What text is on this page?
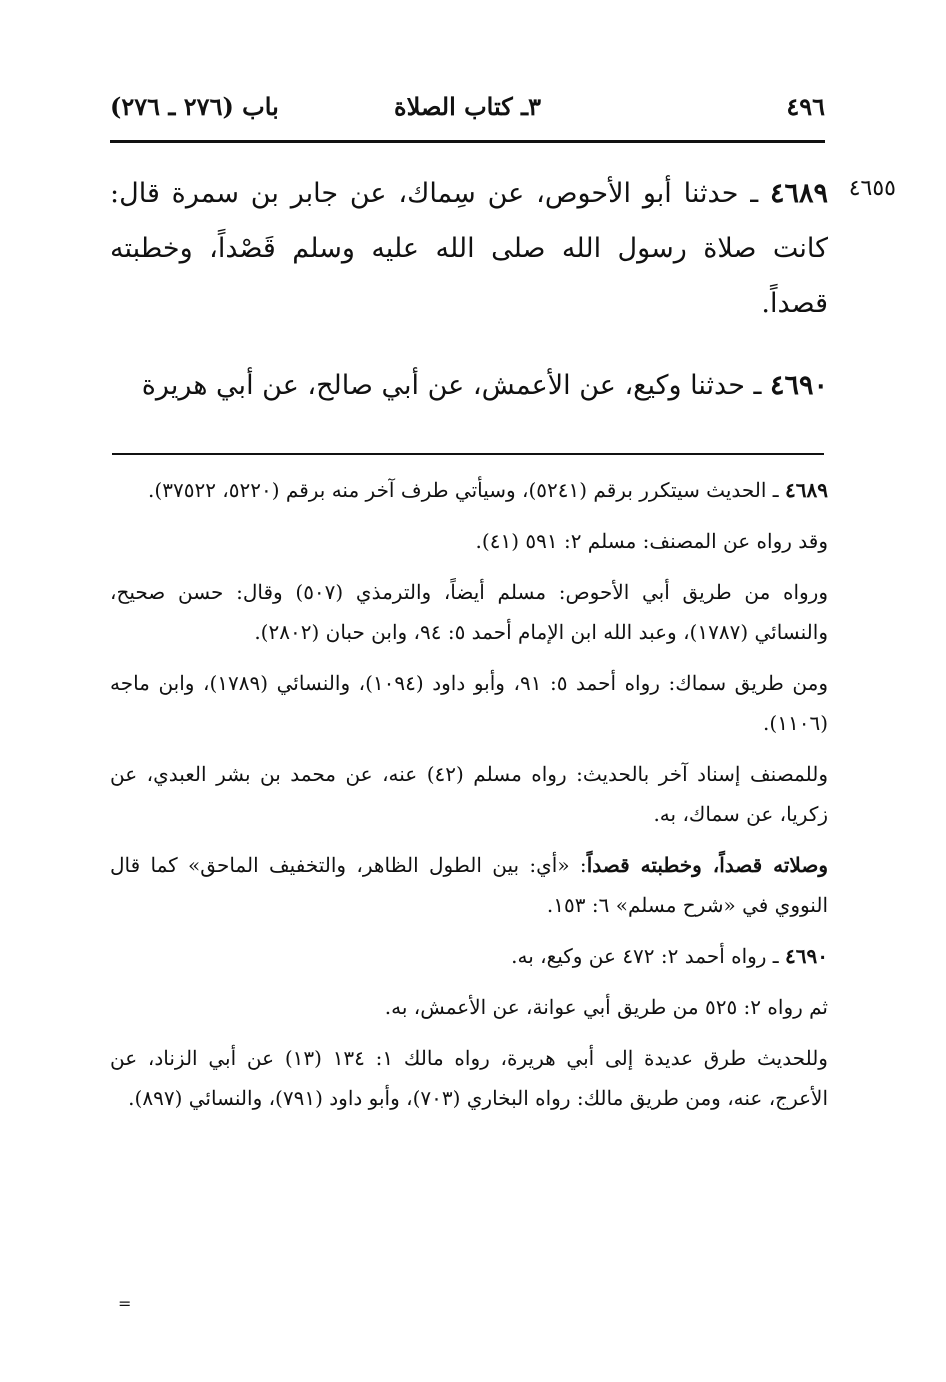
٤٩٦
٣ـ كتاب الصلاة
باب (٢٧٦ ـ ٢٧٦)
٤٦٥٥

٤٦٨٩ ـ حدثنا أبو الأحوص، عن سِماك، عن جابر بن سمرة قال: كانت صلاة رسول الله صلى الله عليه وسلم قَصْداً، وخطبته قصداً.

٤٦٩٠ ـ حدثنا وكيع، عن الأعمش، عن أبي صالح، عن أبي هريرة

٤٦٨٩ ـ الحديث سيتكرر برقم (٥٢٤١)، وسيأتي طرف آخر منه برقم (٥٢٢٠، ٣٧٥٢٢).

وقد رواه عن المصنف: مسلم ٢: ٥٩١ (٤١).

ورواه من طريق أبي الأحوص: مسلم أيضاً، والترمذي (٥٠٧) وقال: حسن صحيح، والنسائي (١٧٨٧)، وعبد الله ابن الإمام أحمد ٥: ٩٤، وابن حبان (٢٨٠٢).

ومن طريق سماك: رواه أحمد ٥: ٩١، وأبو داود (١٠٩٤)، والنسائي (١٧٨٩)، وابن ماجه (١١٠٦).

وللمصنف إسناد آخر بالحديث: رواه مسلم (٤٢) عنه، عن محمد بن بشر العبدي، عن زكريا، عن سماك، به.

وصلاته قصداً، وخطبته قصداً: «أي: بين الطول الظاهر، والتخفيف الماحق» كما قال النووي في «شرح مسلم» ٦: ١٥٣.

٤٦٩٠ ـ رواه أحمد ٢: ٤٧٢ عن وكيع، به.

ثم رواه ٢: ٥٢٥ من طريق أبي عوانة، عن الأعمش، به.

وللحديث طرق عديدة إلى أبي هريرة، رواه مالك ١: ١٣٤ (١٣) عن أبي الزناد، عن الأعرج، عنه، ومن طريق مالك: رواه البخاري (٧٠٣)، وأبو داود (٧٩١)، والنسائي (٨٩٧).

=
